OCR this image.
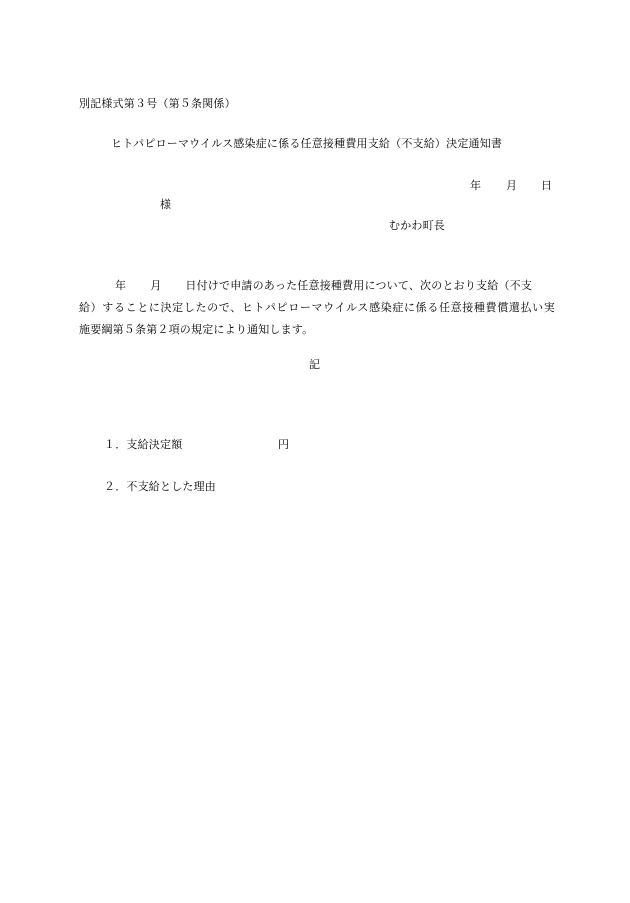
別記様式第３号（第５条関係）
ヒトパピローマウイルス感染症に係る任意接種費用支給（不支給）決定通知書
年 月 日
様
むかわ町長
年 月 日付けで申請のあった任意接種費用について、次のとおり支給（不支
給）することに決定したので、ヒトパピローマウイルス感染症に係る任意接種費償還払い実
施要綱第５条第２項の規定により通知します。
記
１．支給決定額	円
２．不支給とした理由
